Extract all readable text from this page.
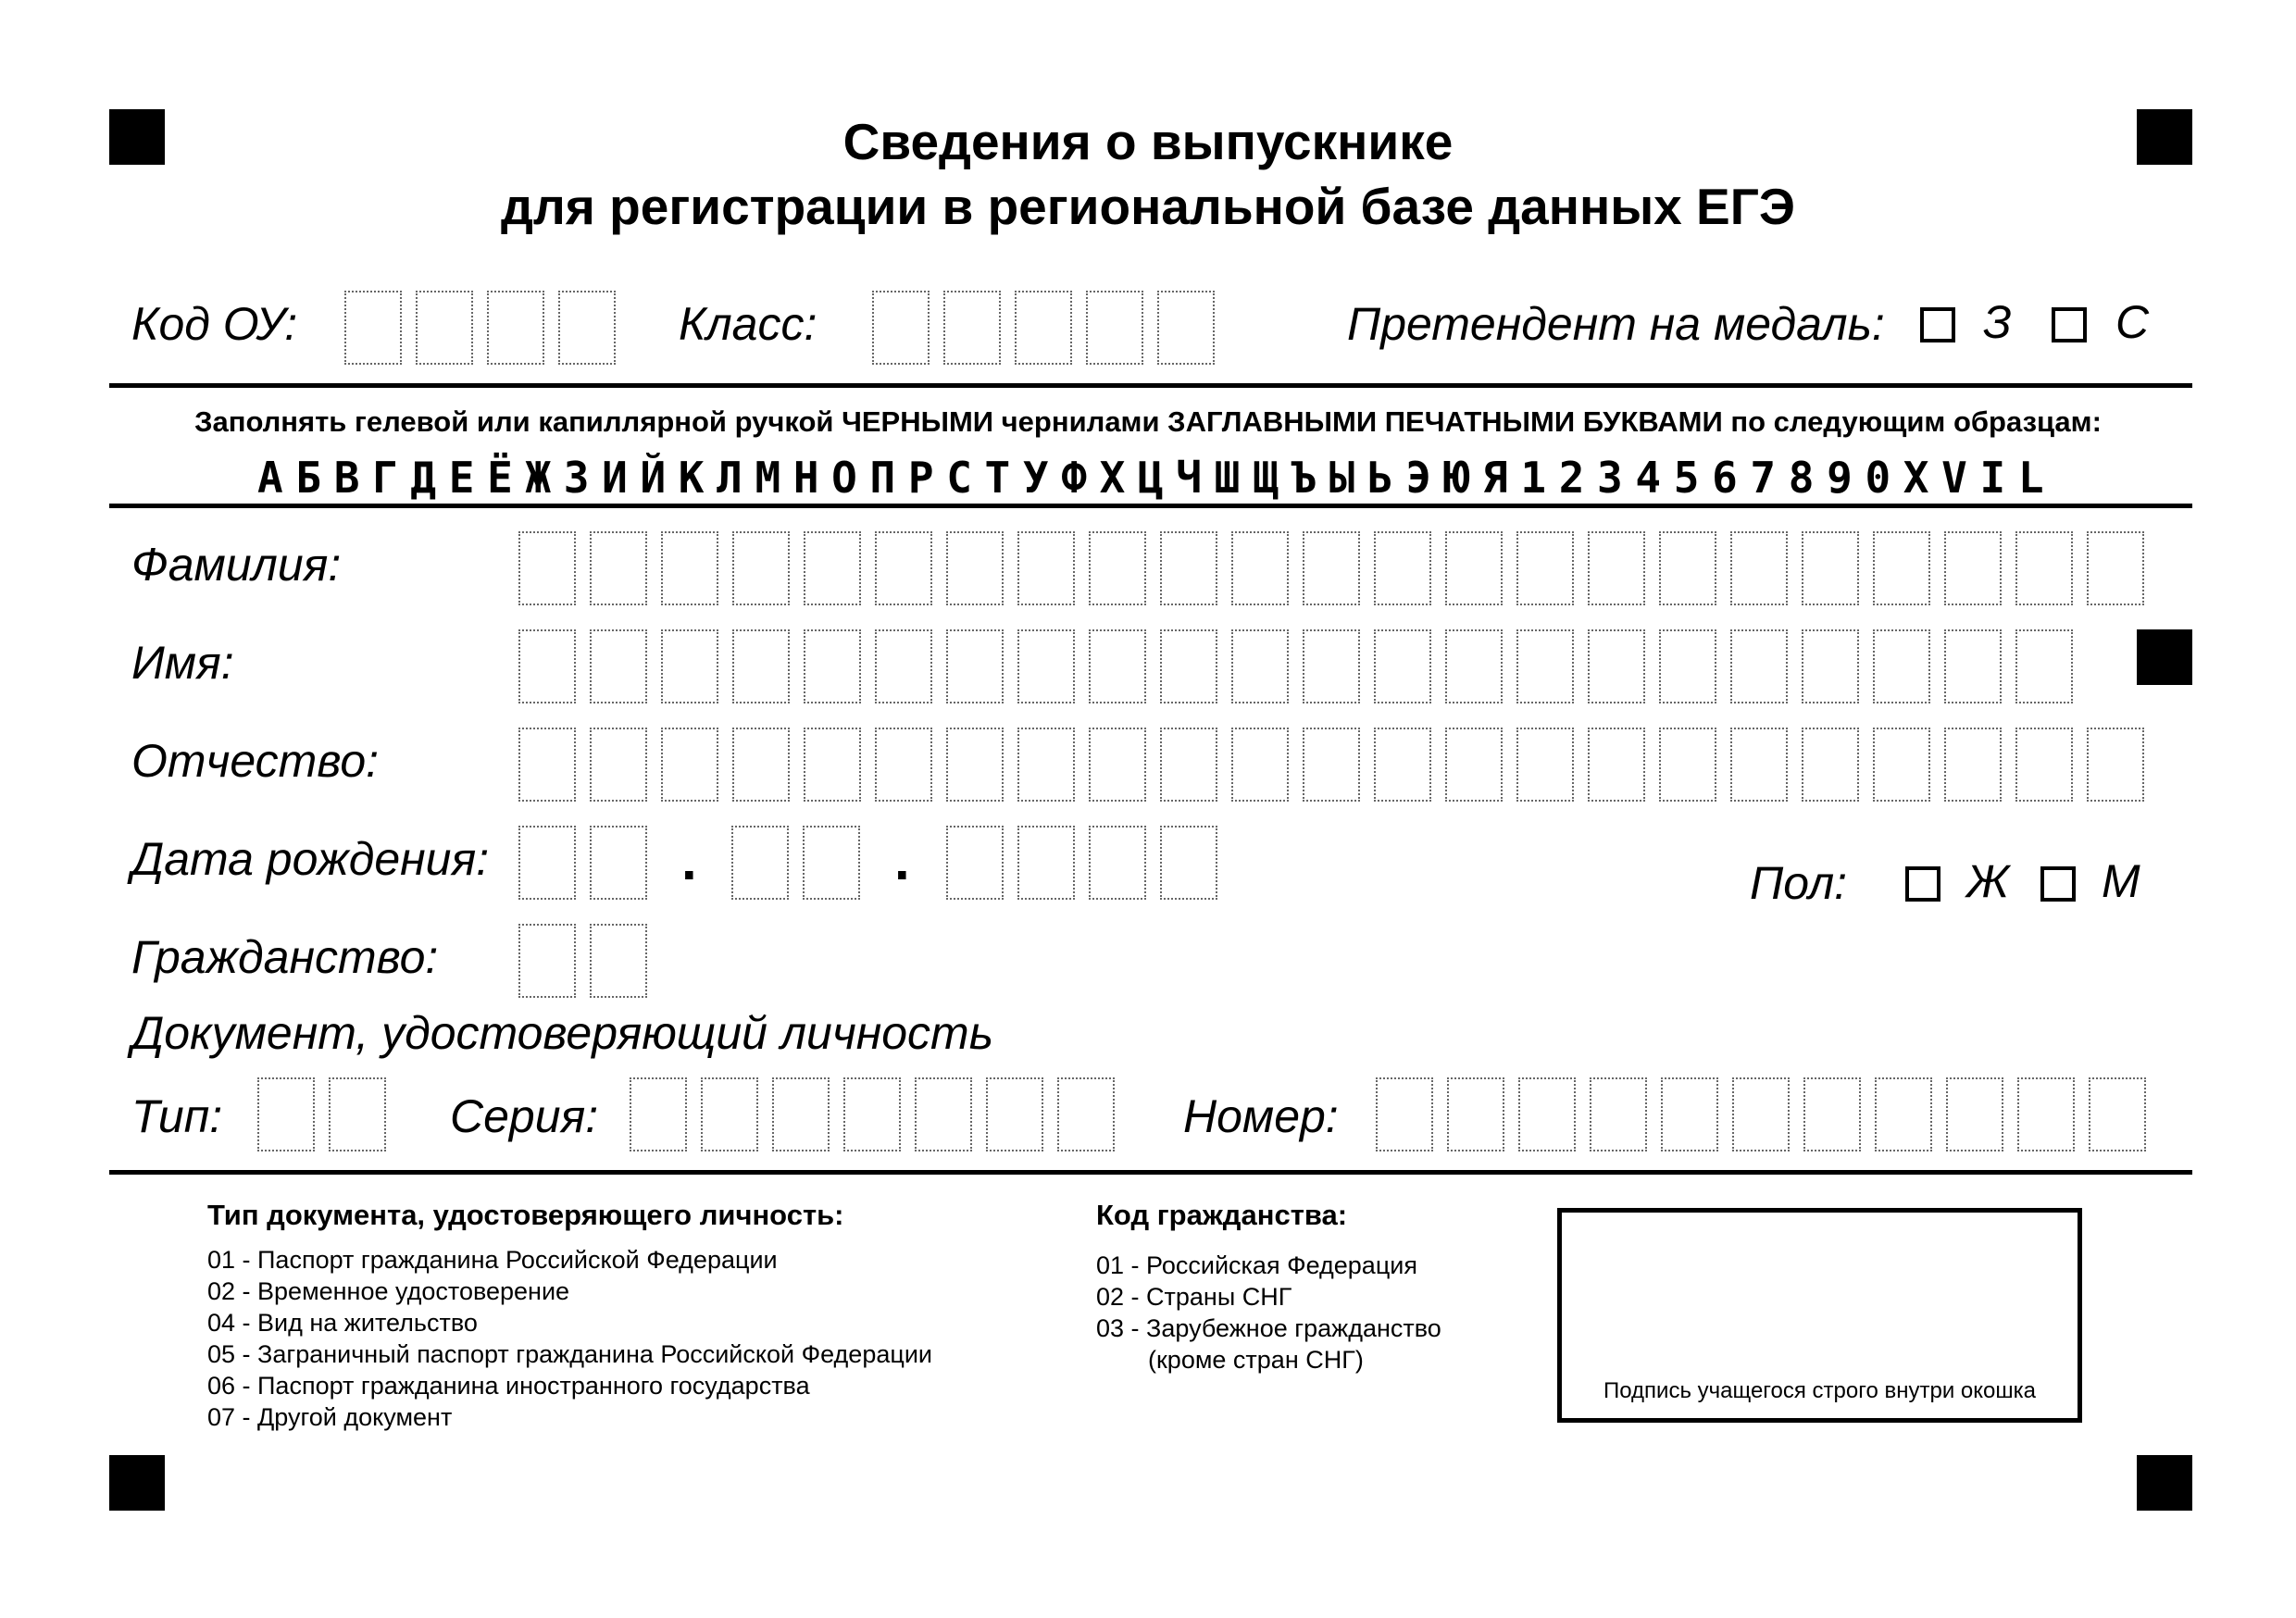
Сведения о выпускнике
для регистрации в региональной базе данных ЕГЭ
Код ОУ:	Класс:	Претендент на медаль: З С
Заполнять гелевой или капиллярной ручкой ЧЕРНЫМИ чернилами ЗАГЛАВНЫМИ ПЕЧАТНЫМИ БУКВАМИ по следующим образцам:
А Б В Г Д Е Ё Ж З И Й К Л М Н О П Р С Т У Ф Х Ц Ч Ш Щ Ъ Ы Ь Э Ю Я 1 2 3 4 5 6 7 8 9 0 X V I L
Фамилия:
Имя:
Отчество:
Дата рождения:	.	.	Пол:	Ж М
Гражданство:
Документ, удостоверяющий личность
Тип:	Серия:	Номер:
Тип документа, удостоверяющего личность:
01 - Паспорт гражданина Российской Федерации
02 - Временное удостоверение
04 - Вид на жительство
05 - Заграничный паспорт гражданина Российской Федерации
06 - Паспорт гражданина иностранного государства
07 - Другой документ
Код гражданства:
01 - Российская Федерация
02 - Страны СНГ
03 - Зарубежное гражданство
(кроме стран СНГ)
Подпись учащегося строго внутри окошка
